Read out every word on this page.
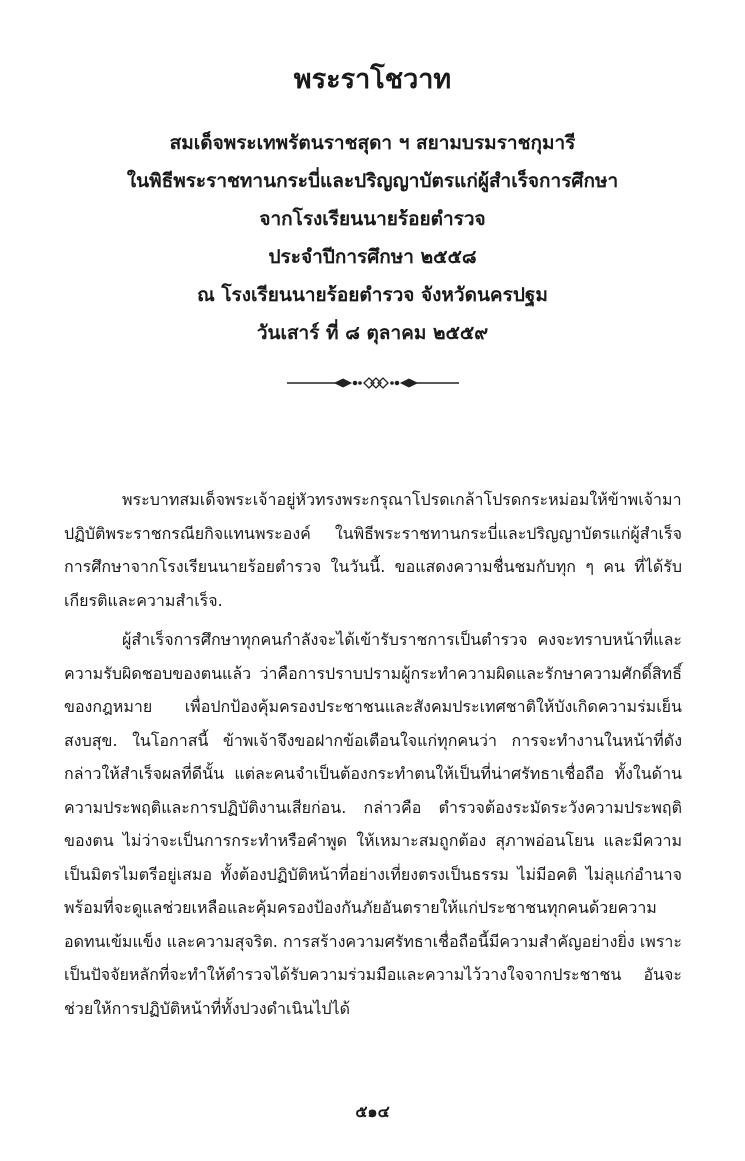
พระราโชวาท
สมเด็จพระเทพรัตนราชสุดา ฯ สยามบรมราชกุมารี
ในพิธีพระราชทานกระบี่และปริญญาบัตรแก่ผู้สำเร็จการศึกษา
จากโรงเรียนนายร้อยตำรวจ
ประจำปีการศึกษา ๒๕๕๘
ณ โรงเรียนนายร้อยตำรวจ จังหวัดนครปฐม
วันเสาร์ ที่ ๘ ตุลาคม ๒๕๕๙

พระบาทสมเด็จพระเจ้าอยู่หัวทรงพระกรุณาโปรดเกล้าโปรดกระหม่อมให้ข้าพเจ้ามาปฏิบัติพระราชกรณียกิจแทนพระองค์ ในพิธีพระราชทานกระบี่และปริญญาบัตรแก่ผู้สำเร็จการศึกษาจากโรงเรียนนายร้อยตำรวจ ในวันนี้. ขอแสดงความชื่นชมกับทุก ๆ คน ที่ได้รับเกียรติและความสำเร็จ.

ผู้สำเร็จการศึกษาทุกคนกำลังจะได้เข้ารับราชการเป็นตำรวจ คงจะทราบหน้าที่และความรับผิดชอบของตนแล้ว ว่าคือการปราบปรามผู้กระทำความผิดและรักษาความศักดิ์สิทธิ์ของกฎหมาย เพื่อปกป้องคุ้มครองประชาชนและสังคมประเทศชาติให้บังเกิดความร่มเย็นสงบสุข. ในโอกาสนี้ ข้าพเจ้าจึงขอฝากข้อเตือนใจแก่ทุกคนว่า การจะทำงานในหน้าที่ดังกล่าวให้สำเร็จผลที่ดีนั้น แต่ละคนจำเป็นต้องกระทำตนให้เป็นที่น่าศรัทธาเชื่อถือ ทั้งในด้านความประพฤติและการปฏิบัติงานเสียก่อน. กล่าวคือ ตำรวจต้องระมัดระวังความประพฤติของตน ไม่ว่าจะเป็นการกระทำหรือคำพูด ให้เหมาะสมถูกต้อง สุภาพอ่อนโยน และมีความเป็นมิตรไมตรีอยู่เสมอ ทั้งต้องปฏิบัติหน้าที่อย่างเที่ยงตรงเป็นธรรม ไม่มีอคติ ไม่ลุแก่อำนาจพร้อมที่จะดูแลช่วยเหลือและคุ้มครองป้องกันภัยอันตรายให้แก่ประชาชนทุกคนด้วยความอดทนเข้มแข็ง และความสุจริต. การสร้างความศรัทธาเชื่อถือนี้มีความสำคัญอย่างยิ่ง เพราะเป็นปัจจัยหลักที่จะทำให้ตำรวจได้รับความร่วมมือและความไว้วางใจจากประชาชน อันจะช่วยให้การปฏิบัติหน้าที่ทั้งปวงดำเนินไปได้

๕๑๔
